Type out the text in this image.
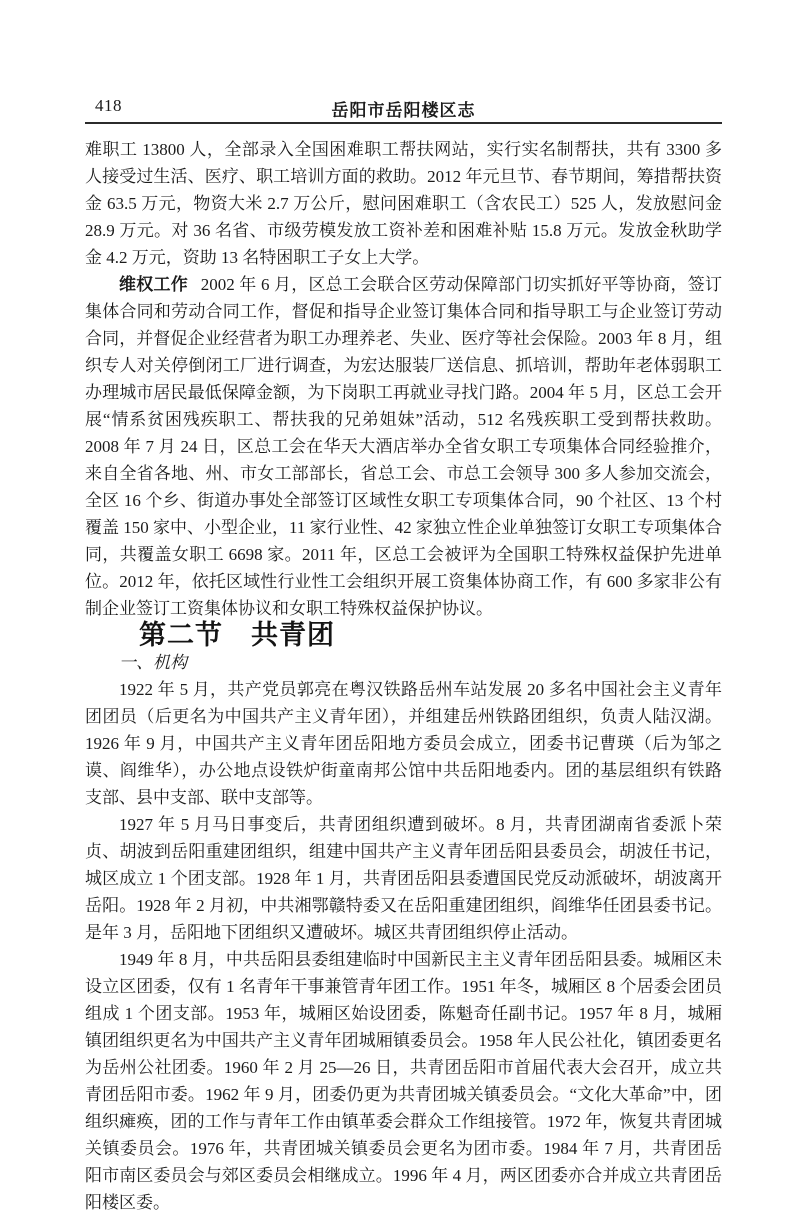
418	岳阳市岳阳楼区志

难职工 13800 人，全部录入全国困难职工帮扶网站，实行实名制帮扶，共有 3300 多人接受过生活、医疗、职工培训方面的救助。2012 年元旦节、春节期间，筹措帮扶资金 63.5 万元，物资大米 2.7 万公斤，慰问困难职工（含农民工）525 人，发放慰问金 28.9 万元。对 36 名省、市级劳模发放工资补差和困难补贴 15.8 万元。发放金秋助学金 4.2 万元，资助 13 名特困职工子女上大学。

维权工作 2002 年 6 月，区总工会联合区劳动保障部门切实抓好平等协商，签订集体合同和劳动合同工作，督促和指导企业签订集体合同和指导职工与企业签订劳动合同，并督促企业经营者为职工办理养老、失业、医疗等社会保险。2003 年 8 月，组织专人对关停倒闭工厂进行调查，为宏达服装厂送信息、抓培训，帮助年老体弱职工办理城市居民最低保障金额，为下岗职工再就业寻找门路。2004 年 5 月，区总工会开展“情系贫困残疾职工、帮扶我的兄弟姐妹”活动，512 名残疾职工受到帮扶救助。2008 年 7 月 24 日，区总工会在华天大酒店举办全省女职工专项集体合同经验推介，来自全省各地、州、市女工部部长，省总工会、市总工会领导 300 多人参加交流会，全区 16 个乡、街道办事处全部签订区域性女职工专项集体合同，90 个社区、13 个村覆盖 150 家中、小型企业，11 家行业性、42 家独立性企业单独签订女职工专项集体合同，共覆盖女职工 6698 家。2011 年，区总工会被评为全国职工特殊权益保护先进单位。2012 年，依托区域性行业性工会组织开展工资集体协商工作，有 600 多家非公有制企业签订工资集体协议和女职工特殊权益保护协议。

第二节　共青团

一、机构

1922 年 5 月，共产党员郭亮在粤汉铁路岳州车站发展 20 多名中国社会主义青年团团员（后更名为中国共产主义青年团），并组建岳州铁路团组织，负责人陆汉湖。1926 年 9 月，中国共产主义青年团岳阳地方委员会成立，团委书记曹瑛（后为邹之谟、阎维华），办公地点设铁炉街童南邦公馆中共岳阳地委内。团的基层组织有铁路支部、县中支部、联中支部等。

1927 年 5 月马日事变后，共青团组织遭到破坏。8 月，共青团湖南省委派卜荣贞、胡波到岳阳重建团组织，组建中国共产主义青年团岳阳县委员会，胡波任书记，城区成立 1 个团支部。1928 年 1 月，共青团岳阳县委遭国民党反动派破坏，胡波离开岳阳。1928 年 2 月初，中共湘鄂赣特委又在岳阳重建团组织，阎维华任团县委书记。是年 3 月，岳阳地下团组织又遭破坏。城区共青团组织停止活动。

1949 年 8 月，中共岳阳县委组建临时中国新民主主义青年团岳阳县委。城厢区未设立区团委，仅有 1 名青年干事兼管青年团工作。1951 年冬，城厢区 8 个居委会团员组成 1 个团支部。1953 年，城厢区始设团委，陈魁奇任副书记。1957 年 8 月，城厢镇团组织更名为中国共产主义青年团城厢镇委员会。1958 年人民公社化，镇团委更名为岳州公社团委。1960 年 2 月 25—26 日，共青团岳阳市首届代表大会召开，成立共青团岳阳市委。1962 年 9 月，团委仍更为共青团城关镇委员会。“文化大革命”中，团组织瘫痪，团的工作与青年工作由镇革委会群众工作组接管。1972 年，恢复共青团城关镇委员会。1976 年，共青团城关镇委员会更名为团市委。1984 年 7 月，共青团岳阳市南区委员会与郊区委员会相继成立。1996 年 4 月，两区团委亦合并成立共青团岳阳楼区委。
